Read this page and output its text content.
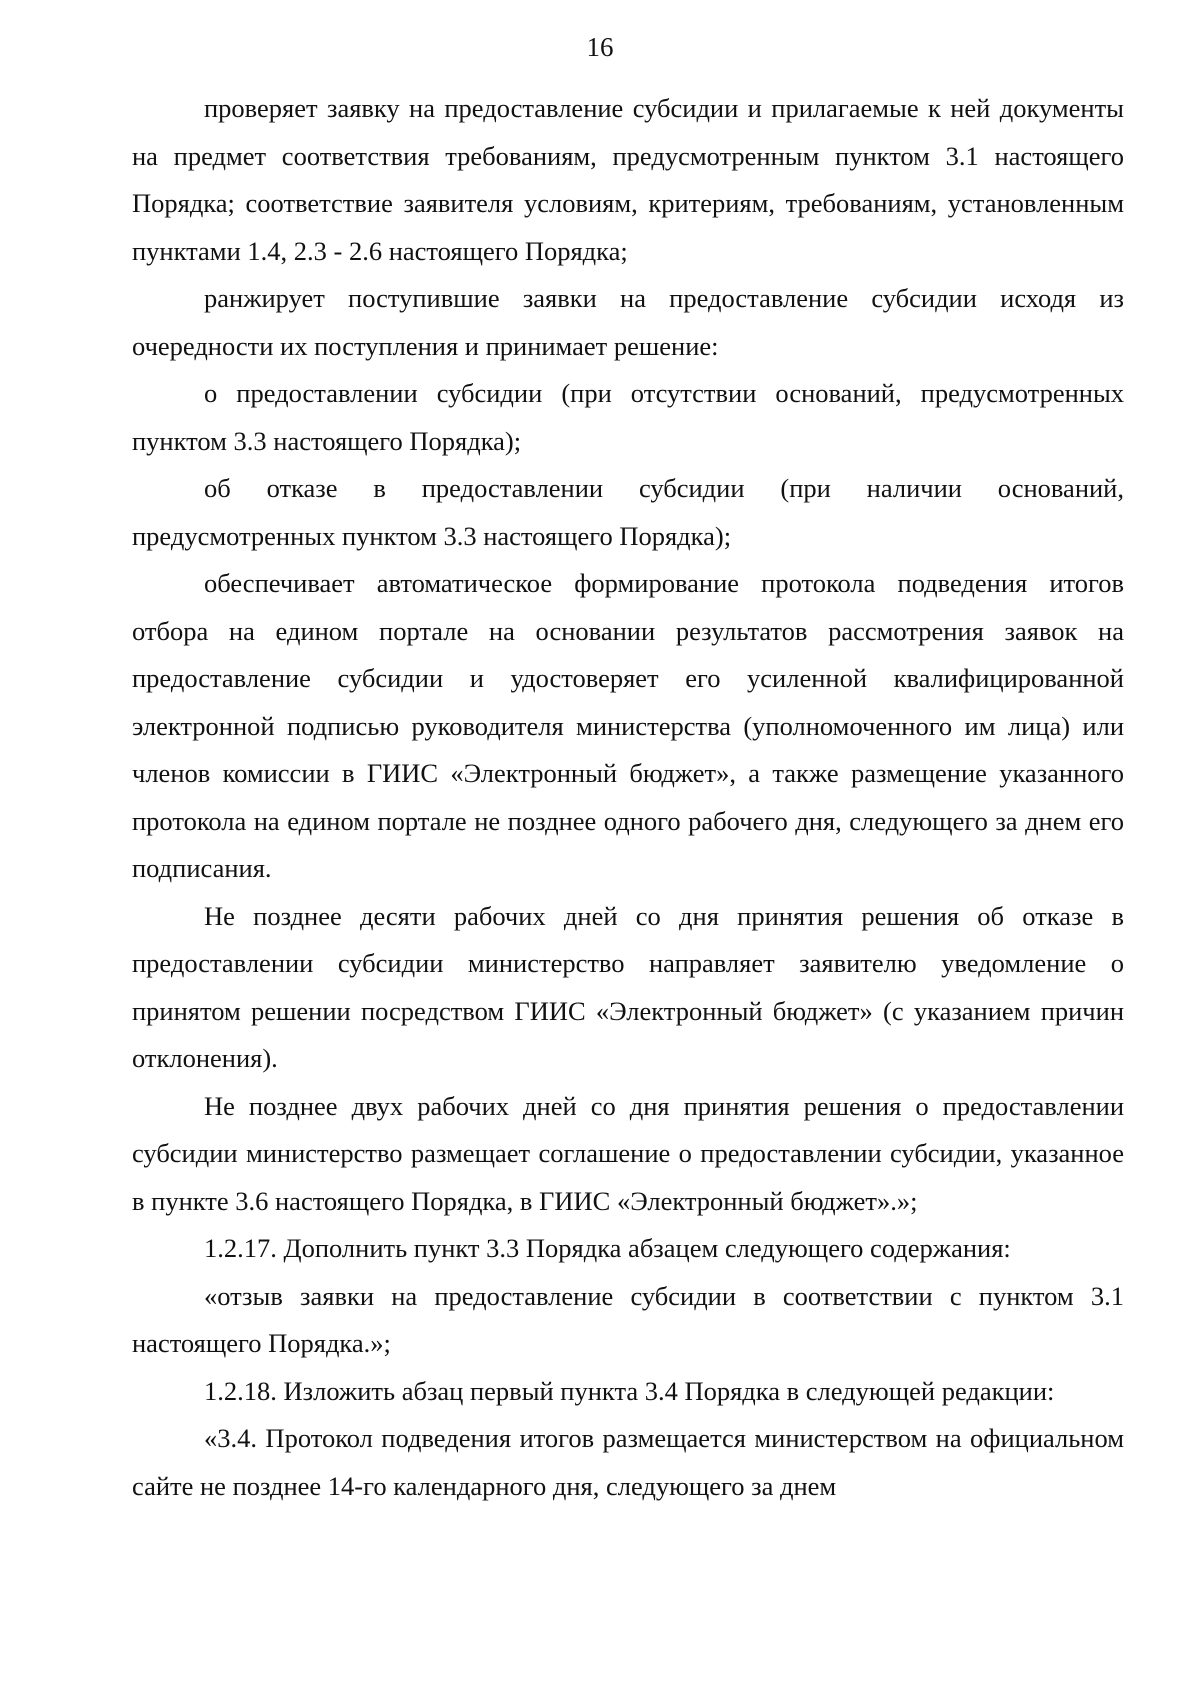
16

проверяет заявку на предоставление субсидии и прилагаемые к ней документы на предмет соответствия требованиям, предусмотренным пунктом 3.1 настоящего Порядка; соответствие заявителя условиям, критериям, требованиям, установленным пунктами 1.4, 2.3 - 2.6 настоящего Порядка;

ранжирует поступившие заявки на предоставление субсидии исходя из очередности их поступления и принимает решение:

о предоставлении субсидии (при отсутствии оснований, предусмотренных пунктом 3.3 настоящего Порядка);

об отказе в предоставлении субсидии (при наличии оснований, предусмотренных пунктом 3.3 настоящего Порядка);

обеспечивает автоматическое формирование протокола подведения итогов отбора на едином портале на основании результатов рассмотрения заявок на предоставление субсидии и удостоверяет его усиленной квалифицированной электронной подписью руководителя министерства (уполномоченного им лица) или членов комиссии в ГИИС «Электронный бюджет», а также размещение указанного протокола на едином портале не позднее одного рабочего дня, следующего за днем его подписания.

Не позднее десяти рабочих дней со дня принятия решения об отказе в предоставлении субсидии министерство направляет заявителю уведомление о принятом решении посредством ГИИС «Электронный бюджет» (с указанием причин отклонения).

Не позднее двух рабочих дней со дня принятия решения о предоставлении субсидии министерство размещает соглашение о предоставлении субсидии, указанное в пункте 3.6 настоящего Порядка, в ГИИС «Электронный бюджет».»;

1.2.17. Дополнить пункт 3.3 Порядка абзацем следующего содержания:

«отзыв заявки на предоставление субсидии в соответствии с пунктом 3.1 настоящего Порядка.»;

1.2.18. Изложить абзац первый пункта 3.4 Порядка в следующей редакции:

«3.4. Протокол подведения итогов размещается министерством на официальном сайте не позднее 14-го календарного дня, следующего за днем
